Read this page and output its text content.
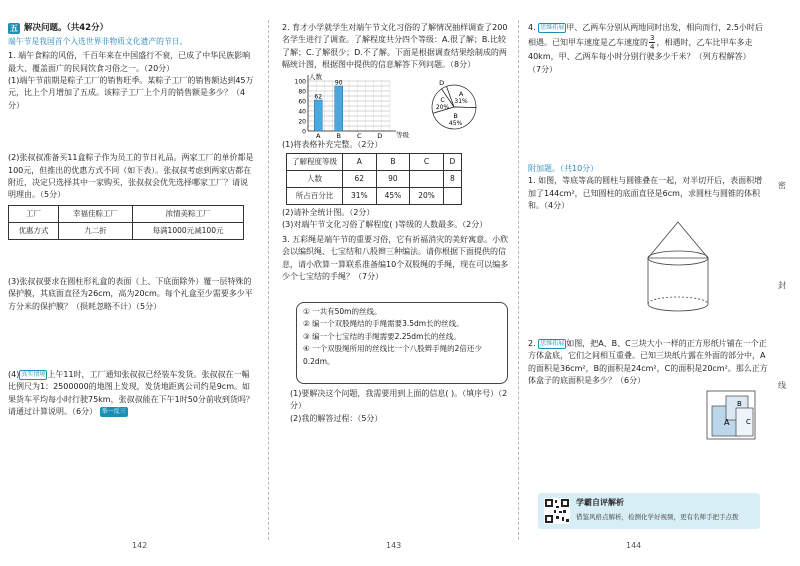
五 解决问题。（共42分）

端午节是我国首个入选世界非物质文化遗产的节日。

1. 端午食粽的风俗，千百年来在中国盛行不衰，已成了中华民族影响最大、覆盖面广的民间饮食习俗之一。（20分）

(1)端午节前期是粽子工厂的销售旺季。某粽子工厂的销售额达到45万元，比上个月增加了五成。该粽子工厂上个月的销售额是多少？（4分）

(2)张叔叔准备买11盒粽子作为员工的节日礼品。两家工厂的单价都是100元，但推出的优惠方式不同（如下表）。张叔叔考虑到两家店都在附近，决定只选择其中一家购买，张叔叔会优先选择哪家工厂？请说明理由。（5分）

工厂	幸福佳粽工厂	浓情美粽工厂
优惠方式	九二折	每满1000元减100元

(3)张叔叔要求在圆柱形礼盒的表面（上、下底面除外）覆一层特殊的保护膜，其底面直径为26cm，高为20cm。每个礼盒至少需要多少平方分米的保护膜？（损耗忽略不计）（5分）

(4) 真实情境 上午11时，工厂通知张叔叔已经装车发货。张叔叔在一幅比例尺为1：2500000的地图上发现，发货地距离公司约是9cm。如果货车平均每小时行驶75km，张叔叔能在下午1时50分前收到货吗？请通过计算说明。（6分） 举一反三

2. 育才小学就学生对端午节文化习俗的了解情况抽样调查了200名学生进行了调查。了解程度共分四个等级：A.很了解；B.比较了解；C.了解很少；D.不了解。下面是根据调查结果绘制成的两幅统计图，根据图中提供的信息解答下列问题。（8分）

100
80
60
40
20
0
人数
等级
62
A
90
B C D
A
31%
B
45%
C
20%
D

(1)将表格补充完整。（2分）

了解程度等级	A	B	C	D
人数	62	90		8
所占百分比	31%	45%	20%	

(2)请补全统计图。（2分）

(3)对端午节文化习俗了解程度( )等级的人数最多。（2分）

3. 五彩绳是端午节的重要习俗，它有祈福消灾的美好寓意。小欣会以编织绳、七宝结和八股辫三种编法。请你根据下面提供的信息，请小欣算一算联系准备编10个双股绳的手绳，现在可以编多少个七宝结的手绳？（7分）

① 一共有50m的丝线。

② 编一个双股绳结的手绳需要3.5dm长的丝线。

③ 编一个七宝结的手绳需要2.25dm长的丝线。

④ 一个双股绳所用的丝线比一个八股辫手绳的2倍还少0.2dm。

(1)要解决这个问题，我需要用到上面的信息( )。（填序号）（2分）

(2)我的解答过程：（5分）

4. 思维拓展 甲、乙两车分别从两地同时出发，相向而行，2.5小时后相遇。已知甲车速度是乙车速度的 $\frac{3}{4}$ ，相遇时，乙车比甲车多走40km，甲、乙两车每小时分别行驶多少千米？（列方程解答）

（7分）

附加题。（共10分）

1. 如图，等底等高的圆柱与圆锥叠在一起，对半切开后，表面积增加了144cm²，已知圆柱的底面直径是6cm，求圆柱与圆锥的体积和。（4分）

2. 思维拓展 如图，把A、B、C三块大小一样的正方形纸片铺在一个正方体盒底，它们之间相互重叠。已知三块纸片露在外面的部分中，A的面积是36cm²，B的面积是24cm²，C的面积是20cm²。那么正方体盒子的底面积是多少？（6分）

A
B
C
学霸自评解析
借鉴风格点解析，检测化学好视频，更有名师手把手点拨
密
封
线
142	143	144
